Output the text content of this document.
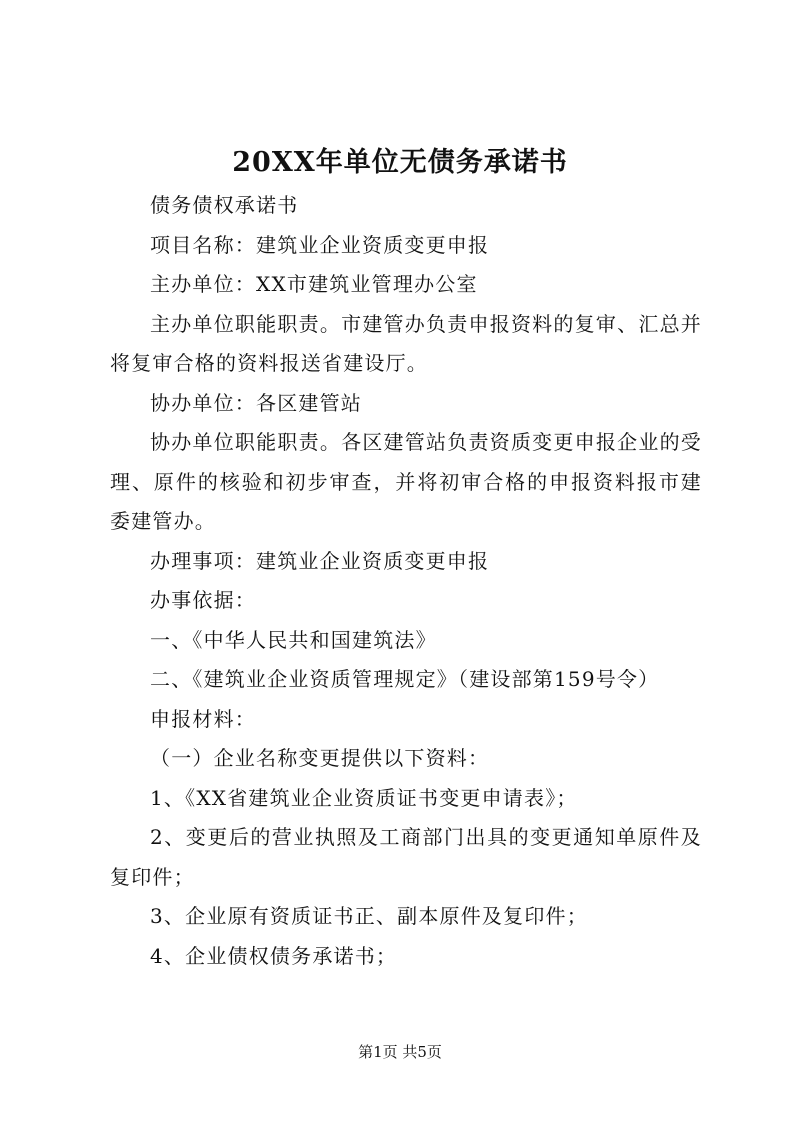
20XX年单位无债务承诺书

债务债权承诺书

项目名称：建筑业企业资质变更申报

主办单位：XX市建筑业管理办公室

主办单位职能职责。市建管办负责申报资料的复审、汇总并将复审合格的资料报送省建设厅。

协办单位：各区建管站

协办单位职能职责。各区建管站负责资质变更申报企业的受理、原件的核验和初步审查，并将初审合格的申报资料报市建委建管办。

办理事项：建筑业企业资质变更申报

办事依据：

一、《中华人民共和国建筑法》

二、《建筑业企业资质管理规定》（建设部第159号令）

申报材料：

（一）企业名称变更提供以下资料：

1、《XX省建筑业企业资质证书变更申请表》；

2、变更后的营业执照及工商部门出具的变更通知单原件及复印件；

3、企业原有资质证书正、副本原件及复印件；

4、企业债权债务承诺书；

第1页 共5页
